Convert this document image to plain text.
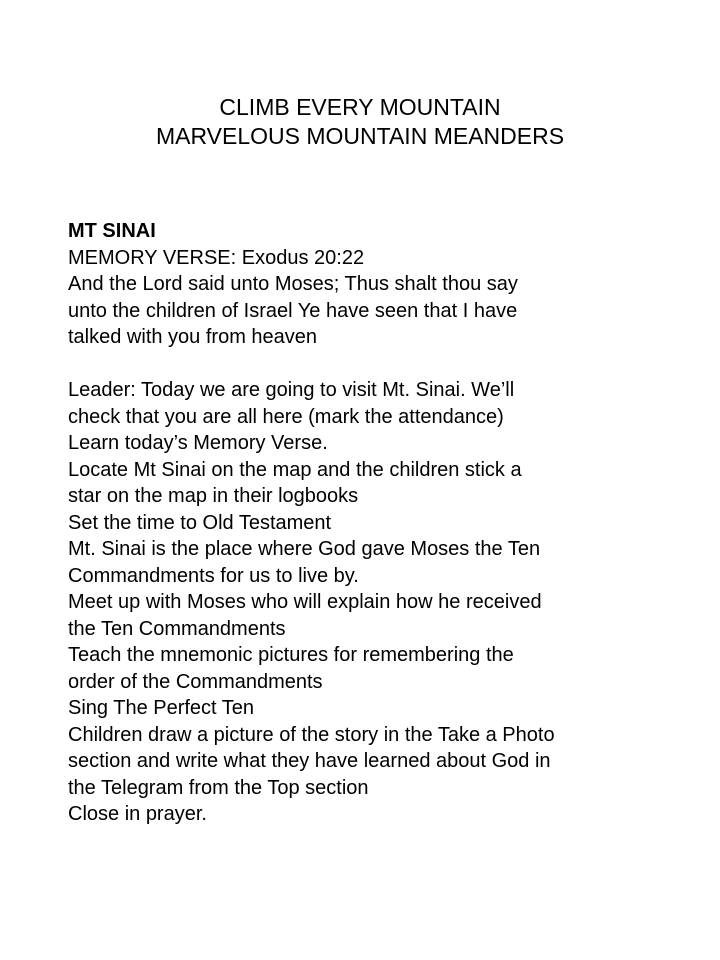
CLIMB EVERY MOUNTAIN
MARVELOUS MOUNTAIN MEANDERS
MT SINAI
MEMORY VERSE: Exodus 20:22
And the Lord said unto Moses; Thus shalt thou say
unto the children of Israel Ye have seen that I have
talked with you from heaven
Leader: Today we are going to visit Mt. Sinai. We’ll
check that you are all here (mark the attendance)
Learn today’s Memory Verse.
Locate Mt Sinai on the map and the children stick a
star on the map in their logbooks
Set the time to Old Testament
Mt. Sinai is the place where God gave Moses the Ten
Commandments for us to live by.
Meet up with Moses who will explain how he received
the Ten Commandments
Teach the mnemonic pictures for remembering the
order of the Commandments
Sing The Perfect Ten
Children draw a picture of the story in the Take a Photo
section and write what they have learned about God in
the Telegram from the Top section
Close in prayer.
